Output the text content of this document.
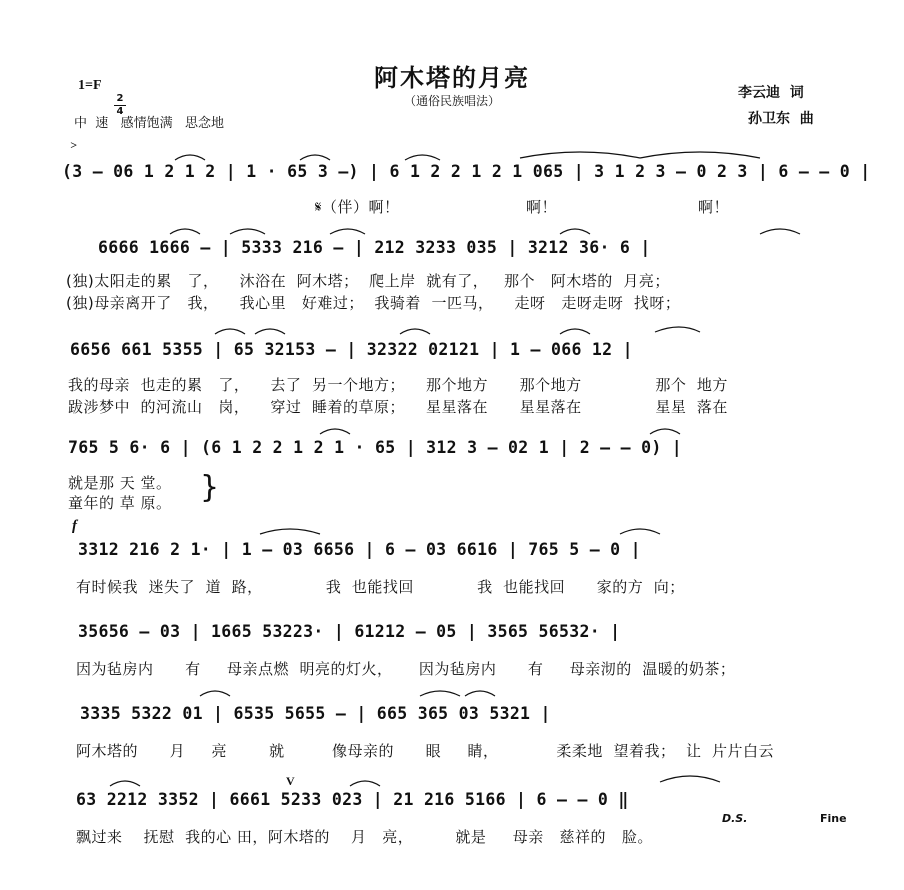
阿木塔的月亮
（通俗民族唱法）
1=F

2
4

中  速   感情饱满   思念地
李云迪  词
孙卫东  曲
>
(3 — 06 1 2 1 2 | 1 · 65 3 —) | 6 1 2 2 1 2 1 065 | 3 1 2 3 — 0 2 3 | 6 — — 0 |
𝄋（伴）啊！	啊！	啊！
6666 1666 — | 5333 216 — | 212 3233 035 | 3212 36· 6 |
(独)太阳走的累   了，    沐浴在  阿木塔；  爬上岸  就有了，   那个   阿木塔的  月亮；
(独)母亲离开了   我，    我心里   好难过；  我骑着  一匹马，    走呀   走呀走呀  找呀；
6656 661 5355 | 65 32153 — | 32322 02121 | 1 — 066 12 |
我的母亲  也走的累   了，    去了  另一个地方；    那个地方      那个地方              那个  地方
跋涉梦中  的河流山   岗，    穿过  睡着的草原；    星星落在      星星落在              星星  落在
765 5 6· 6 | (6 1 2 2 1 2 1 · 65 | 312 3 — 02 1 | 2 — — 0) |
就是那 天 堂。
童年的 草 原。 }
f
3312 216 2 1· | 1 — 03 6656 | 6 — 03 6616 | 765 5 — 0 |
有时候我  迷失了  道  路，            我  也能找回            我  也能找回      家的方  向；
35656 — 03 | 1665 53223· | 61212 — 05 | 3565 56532· |
因为毡房内      有     母亲点燃  明亮的灯火，     因为毡房内      有     母亲沏的  温暖的奶茶；
3335 5322 01 | 6535 5655 — | 665 365 03 5321 |
阿木塔的      月     亮        就         像母亲的      眼     睛，           柔柔地  望着我；  让  片片白云
V
63 2212 3352 | 6661 5233 023 | 21 216 5166 | 6 — — 0 ‖
飘过来    抚慰  我的心 田，阿木塔的    月   亮，        就是     母亲   慈祥的   脸。
D.S.	Fine
